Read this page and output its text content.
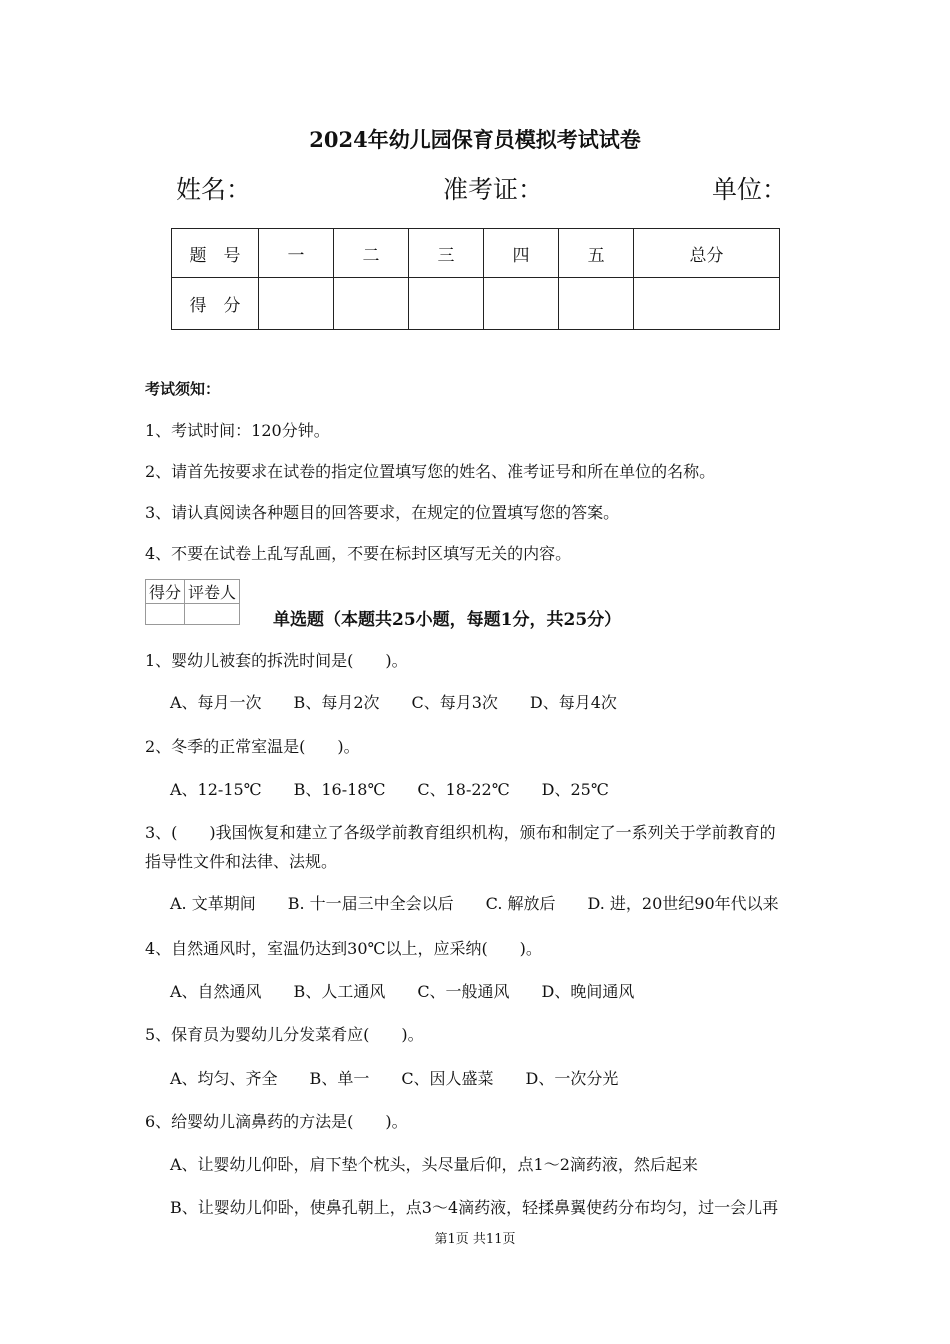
2024年幼儿园保育员模拟考试试卷
姓名：	准考证：	单位：
题　号	一	二	三	四	五	总分
得　分						
考试须知：
1、考试时间：120分钟。
2、请首先按要求在试卷的指定位置填写您的姓名、准考证号和所在单位的名称。
3、请认真阅读各种题目的回答要求，在规定的位置填写您的答案。
4、不要在试卷上乱写乱画，不要在标封区填写无关的内容。
得分	评卷人

单选题（本题共25小题，每题1分，共25分）
1、婴幼儿被套的拆洗时间是(　　)。
A、每月一次　　B、每月2次　　C、每月3次　　D、每月4次
2、冬季的正常室温是(　　)。
A、12-15℃　　B、16-18℃　　C、18-22℃　　D、25℃
3、(　　)我国恢复和建立了各级学前教育组织机构，颁布和制定了一系列关于学前教育的
指导性文件和法律、法规。
A. 文革期间　　B. 十一届三中全会以后　　C. 解放后　　D. 进，20世纪90年代以来
4、自然通风时，室温仍达到30℃以上，应采纳(　　)。
A、自然通风　　B、人工通风　　C、一般通风　　D、晚间通风
5、保育员为婴幼儿分发菜肴应(　　)。
A、均匀、齐全　　B、单一　　C、因人盛菜　　D、一次分光
6、给婴幼儿滴鼻药的方法是(　　)。
A、让婴幼儿仰卧，肩下垫个枕头，头尽量后仰，点1～2滴药液，然后起来
B、让婴幼儿仰卧，使鼻孔朝上，点3～4滴药液，轻揉鼻翼使药分布均匀，过一会儿再
第1页 共11页
